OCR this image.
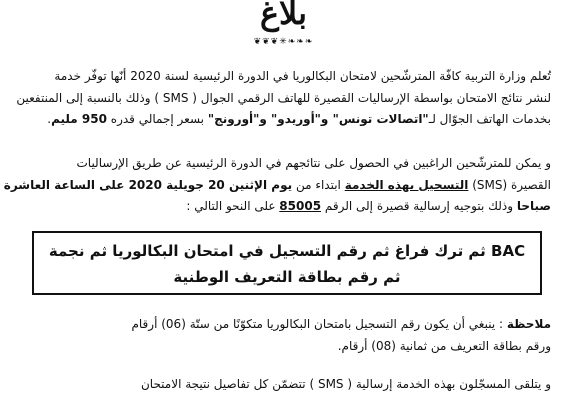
بلاغ
❦❦❦✳❧❧❧
تُعلم وزارة التربية كافّة المترشّحين لامتحان البكالوريا في الدورة الرئيسية لسنة 2020 أنّها توفّر خدمة
لنشر نتائج الامتحان بواسطة الإرساليات القصيرة للهاتف الرقمي الجوال ( SMS ) وذلك بالنسبة إلى المنتفعين
بخدمات الهاتف الجوّال لـ"اتصالات تونس" و"أوريدو" و"أورونج" بسعر إجمالي قدره 950 مليم.
و يمكن للمترشّحين الراغبين في الحصول على نتائجهم في الدورة الرئيسية عن طريق الإرساليات
القصيرة (SMS) التسجيل بهذه الخدمة ابتداء من يوم الإثنين 20 جويلية 2020 على الساعة العاشرة
صباحا وذلك بتوجيه إرسالية قصيرة إلى الرقم 85005 على النحو التالي :
BAC ثم ترك فراغ ثم رقم التسجيل في امتحان البكالوريا ثم نجمة
ثم رقم بطاقة التعريف الوطنية
ملاحظة : ينبغي أن يكون رقم التسجيل بامتحان البكالوريا متكوّنًا من ستّة (06) أرقام
ورقم بطاقة التعريف من ثمانية (08) أرقام.
و يتلقى المسجّلون بهذه الخدمة إرسالية ( SMS ) تتضمّن كل تفاصيل نتيجة الامتحان
